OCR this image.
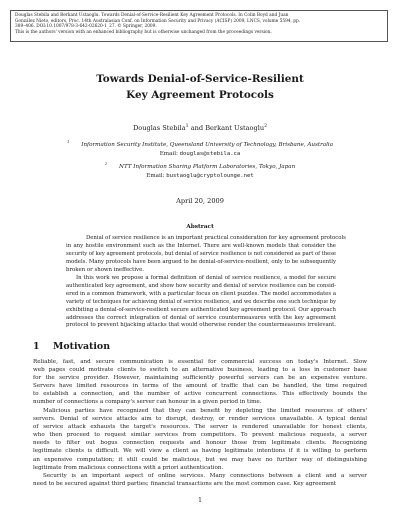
Douglas Stebila and Berkant Ustaoglu. Towards Denial-of-Service-Resilient Key Agreement Protocols. In Colin Boyd and Juan
González Nieto, editors, Proc. 14th Australasian Conf. on Information Security and Privacy (ACISP) 2009, LNCS, volume 5594, pp.
389–406. DOI:10.1007/978-3-642-02620-1_27. © Springer, 2009.
This is the authors' version with an enhanced bibliography but is otherwise unchanged from the proceedings version.
Towards Denial-of-Service-Resilient
Key Agreement Protocols
Douglas Stebila$^1$ and Berkant Ustaoglu$^2$
$^1$ Information Security Institute, Queensland University of Technology, Brisbane, Australia
Email: douglas@stebila.ca
$^2$ NTT Information Sharing Platform Laboratories, Tokyo, Japan
Email: bustaoglu@cryptolounge.net
April 20, 2009
Abstract
Denial of service resilience is an important practical consideration for key agreement protocols
in any hostile environment such as the Internet. There are well-known models that consider the
security of key agreement protocols, but denial of service resilience is not considered as part of these
models. Many protocols have been argued to be denial-of-service-resilient, only to be subsequently
broken or shown ineffective.
In this work we propose a formal definition of denial of service resilience, a model for secure
authenticated key agreement, and show how security and denial of service resilience can be consid-
ered in a common framework, with a particular focus on client puzzles. The model accommodates a
variety of techniques for achieving denial of service resilience, and we describe one such technique by
exhibiting a denial-of-service-resilient secure authenticated key agreement protocol. Our approach
addresses the correct integration of denial of service countermeasures with the key agreement
protocol to prevent hijacking attacks that would otherwise render the countermeasures irrelevant.
1 Motivation
Reliable, fast, and secure communication is essential for commercial success on today's Internet. Slow
web pages could motivate clients to switch to an alternative business, leading to a loss in customer base
for the service provider. However, maintaining sufficiently powerful servers can be an expensive venture.
Servers have limited resources in terms of the amount of traffic that can be handled, the time required
to establish a connection, and the number of active concurrent connections. This effectively bounds the
number of connections a company's server can honour in a given period in time.
Malicious parties have recognized that they can benefit by depleting the limited resources of others'
servers. Denial of service attacks aim to disrupt, destroy, or render services unavailable. A typical denial
of service attack exhausts the target's resources. The server is rendered unavailable for honest clients,
who then proceed to request similar services from competitors. To prevent malicious requests, a server
needs to filter out bogus connection requests and honour those from legitimate clients. Recognizing
legitimate clients is difficult. We will view a client as having legitimate intentions if it is willing to perform
an expensive computation; it still could be malicious, but we may have no further way of distinguishing
legitimate from malicious connections with a priori authentication.
Security is an important aspect of online services. Many connections between a client and a server
need to be secured against third parties; financial transactions are the most common case. Key agreement
1
